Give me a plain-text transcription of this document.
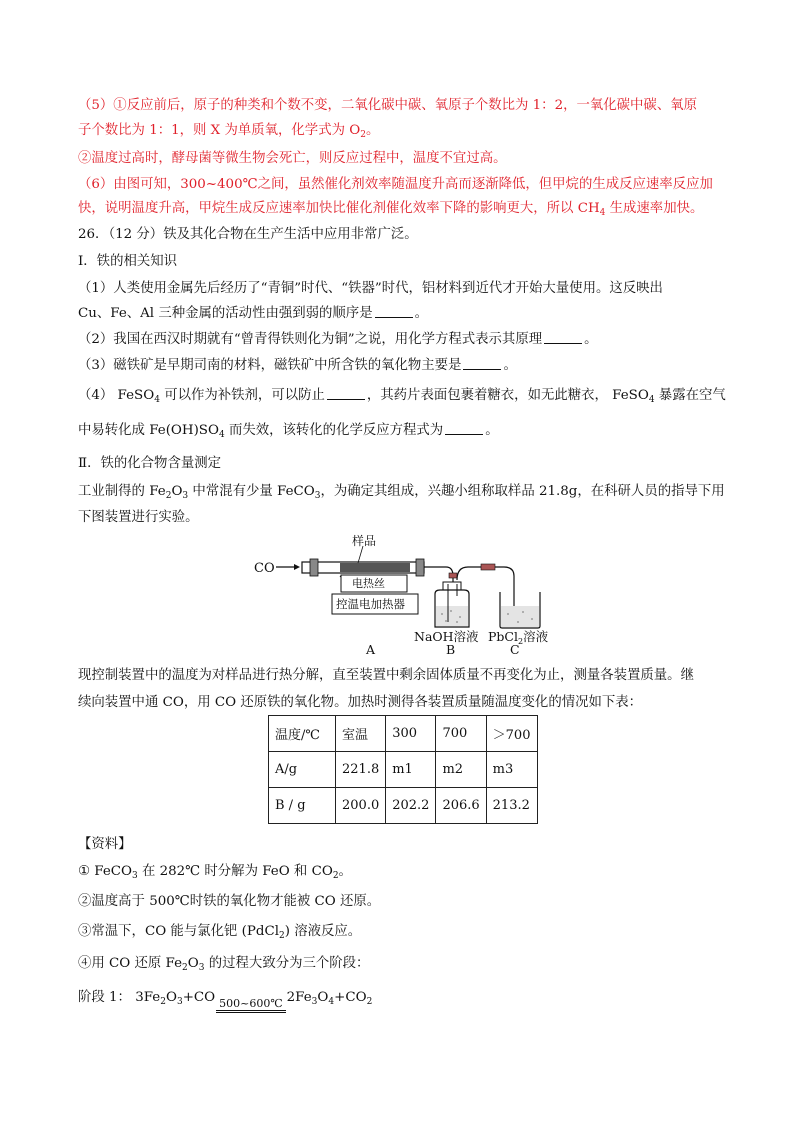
（5）①反应前后，原子的种类和个数不变，二氧化碳中碳、氧原子个数比为 1：2，一氧化碳中碳、氧原
子个数比为 1：1，则 X 为单质氧，化学式为 $O_2$。
②温度过高时，酵母菌等微生物会死亡，则反应过程中，温度不宜过高。
（6）由图可知，300~400℃之间，虽然催化剂效率随温度升高而逐渐降低，但甲烷的生成反应速率反应加
快，说明温度升高，甲烷生成反应速率加快比催化剂催化效率下降的影响更大，所以 $CH_4$ 生成速率加快。
26．（12 分）铁及其化合物在生产生活中应用非常广泛。
Ⅰ．铁的相关知识
（1）人类使用金属先后经历了“青铜”时代、“铁器”时代，铝材料到近代才开始大量使用。这反映出
Cu、Fe、Al 三种金属的活动性由强到弱的顺序是	。
（2）我国在西汉时期就有“曾青得铁则化为铜”之说，用化学方程式表示其原理	。
（3）磁铁矿是早期司南的材料，磁铁矿中所含铁的氧化物主要是	。
（4） FeSO$_4$ 可以作为补铁剂，可以防止	，其药片表面包裹着糖衣，如无此糖衣， FeSO$_4$ 暴露在空气
中易转化成 $Fe(OH)SO_4$ 而失效，该转化的化学反应方程式为	。
Ⅱ．铁的化合物含量测定
工业制得的 $Fe_2O_3$ 中常混有少量 FeCO$_3$，为确定其组成，兴趣小组称取样品 21.8g，在科研人员的指导下用
下图装置进行实验。
CO
样品
电热丝
控温电加热器
NaOH溶液 PbCl$_2$溶液
A	B	C
现控制装置中的温度为对样品进行热分解，直至装置中剩余固体质量不再变化为止，测量各装置质量。继
续向装置中通 CO，用 CO 还原铁的氧化物。加热时测得各装置质量随温度变化的情况如下表：
温度/℃	室温	300	700	＞700
A/g	221.8	m1	m2	m3
B / g	200.0	202.2	206.6	213.2
【资料】
① FeCO$_3$ 在 282℃ 时分解为 FeO 和 $CO_2$。
②温度高于 500℃时铁的氧化物才能被 CO 还原。
③常温下，CO 能与氯化钯 (PdCl$_2$) 溶液反应。
④用 CO 还原 $Fe_2O_3$ 的过程大致分为三个阶段：
阶段 1： $3Fe_2O_3+CO$ 500~600℃ $2Fe_3O_4+CO_2$
